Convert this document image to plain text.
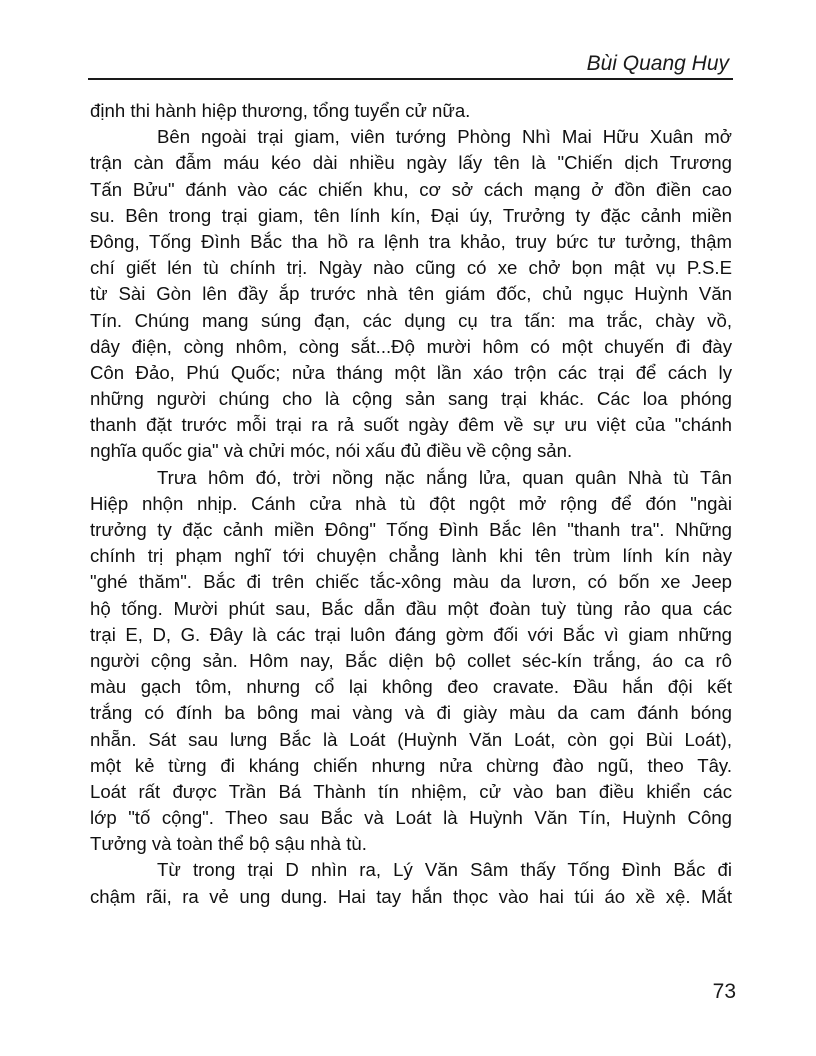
Bùi Quang Huy
định thi hành hiệp thương, tổng tuyển cử nữa.
Bên ngoài trại giam, viên tướng Phòng Nhì Mai Hữu Xuân mở
trận càn đẫm máu kéo dài nhiều ngày lấy tên là "Chiến dịch Trương
Tấn Bửu" đánh vào các chiến khu, cơ sở cách mạng ở đồn điền cao
su. Bên trong trại giam, tên lính kín, Đại úy, Trưởng ty đặc cảnh miền
Đông, Tống Đình Bắc tha hồ ra lệnh tra khảo, truy bức tư tưởng, thậm
chí giết lén tù chính trị. Ngày nào cũng có xe chở bọn mật vụ P.S.E
từ Sài Gòn lên đầy ắp trước nhà tên giám đốc, chủ ngục Huỳnh Văn
Tín. Chúng mang súng đạn, các dụng cụ tra tấn: ma trắc, chày vồ,
dây điện, còng nhôm, còng sắt...Độ mười hôm có một chuyến đi đày
Côn Đảo, Phú Quốc; nửa tháng một lần xáo trộn các trại để cách ly
những người chúng cho là cộng sản sang trại khác. Các loa phóng
thanh đặt trước mỗi trại ra rả suốt ngày đêm về sự ưu việt của "chánh
nghĩa quốc gia" và chửi móc, nói xấu đủ điều về cộng sản.
Trưa hôm đó, trời nồng nặc nắng lửa, quan quân Nhà tù Tân
Hiệp nhộn nhịp. Cánh cửa nhà tù đột ngột mở rộng để đón "ngài
trưởng ty đặc cảnh miền Đông" Tống Đình Bắc lên "thanh tra". Những
chính trị phạm nghĩ tới chuyện chẳng lành khi tên trùm lính kín này
"ghé thăm". Bắc đi trên chiếc tắc-xông màu da lươn, có bốn xe Jeep
hộ tống. Mười phút sau, Bắc dẫn đầu một đoàn tuỳ tùng rảo qua các
trại E, D, G. Đây là các trại luôn đáng gờm đối với Bắc vì giam những
người cộng sản. Hôm nay, Bắc diện bộ collet séc-kín trắng, áo ca rô
màu gạch tôm, nhưng cổ lại không đeo cravate. Đầu hắn đội kết
trắng có đính ba bông mai vàng và đi giày màu da cam đánh bóng
nhẵn. Sát sau lưng Bắc là Loát (Huỳnh Văn Loát, còn gọi Bùi Loát),
một kẻ từng đi kháng chiến nhưng nửa chừng đào ngũ, theo Tây.
Loát rất được Trần Bá Thành tín nhiệm, cử vào ban điều khiển các
lớp "tố cộng". Theo sau Bắc và Loát là Huỳnh Văn Tín, Huỳnh Công
Tưởng và toàn thể bộ sậu nhà tù.
Từ trong trại D nhìn ra, Lý Văn Sâm thấy Tống Đình Bắc đi
chậm rãi, ra vẻ ung dung. Hai tay hắn thọc vào hai túi áo xề xệ. Mắt
73
